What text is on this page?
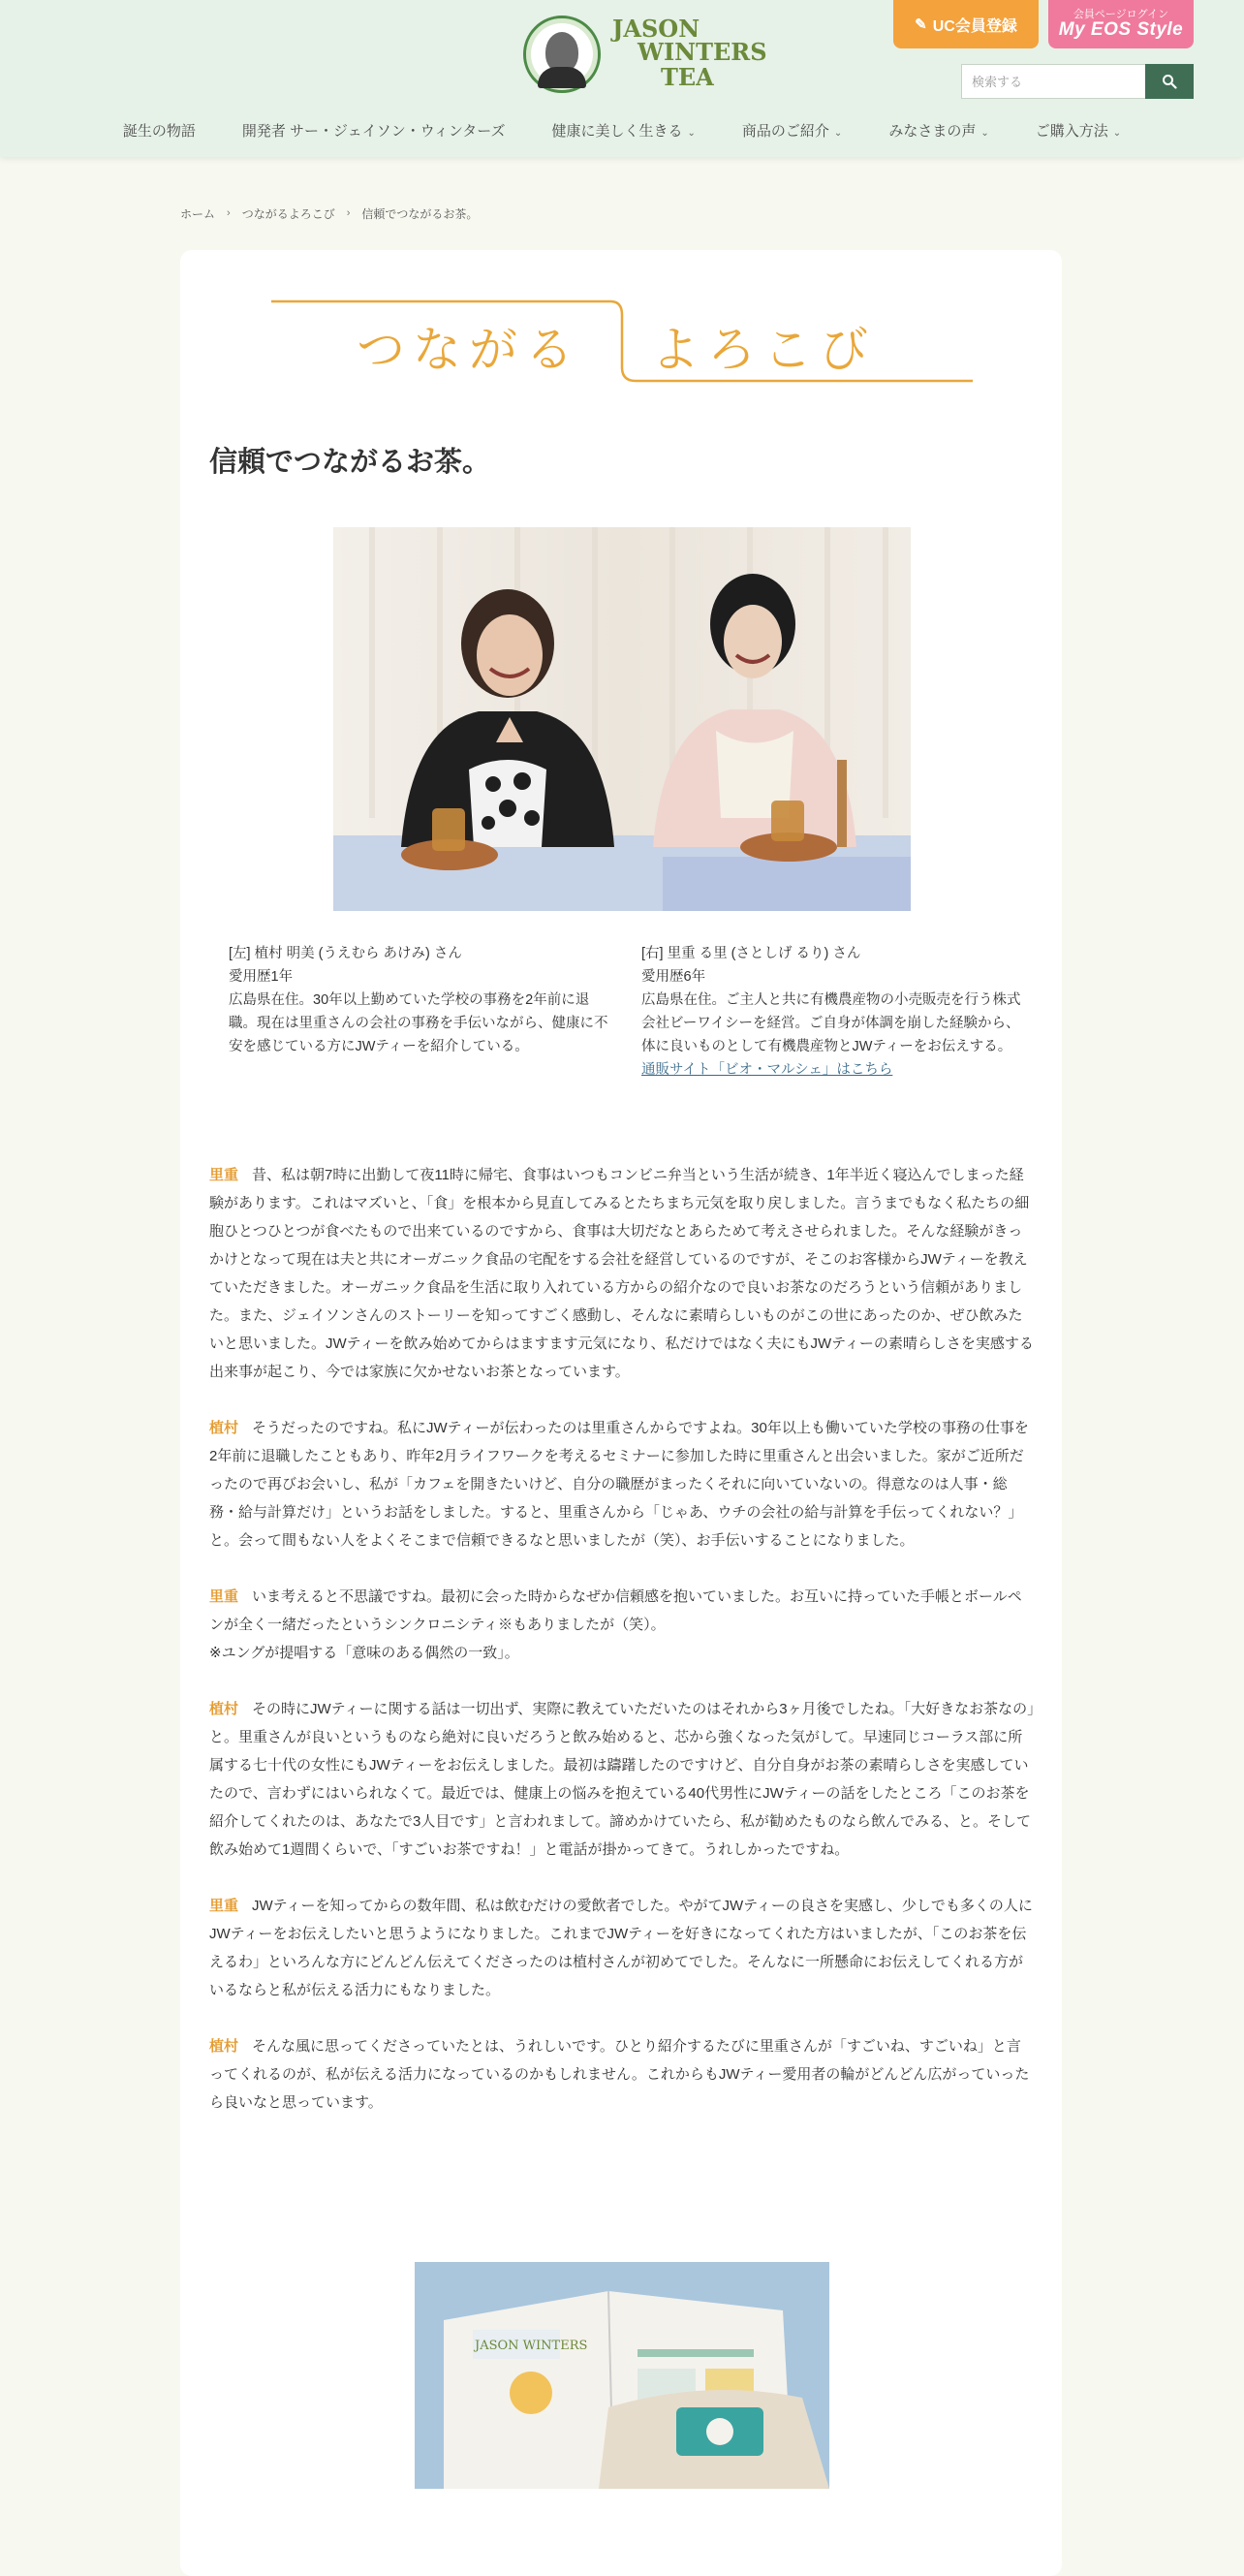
JASON
WINTERS
TEA
✎ UC会員登録
会員ページログイン
My EOS Style
検索する
誕生の物語	開発者 サー・ジェイソン・ウィンターズ	健康に美しく生きる ⌄	商品のご紹介 ⌄	みなさまの声 ⌄	ご購入方法 ⌄
ホーム › つながるよろこび › 信頼でつながるお茶。
つながる よろこび
信頼でつながるお茶。

[左] 植村 明美 (うえむら あけみ) さん

愛用歴1年

広島県在住。30年以上勤めていた学校の事務を2年前に退職。現在は里重さんの会社の事務を手伝いながら、健康に不安を感じている方にJWティーを紹介している。

[右] 里重 る里 (さとしげ るり) さん

愛用歴6年

広島県在住。ご主人と共に有機農産物の小売販売を行う株式会社ビーワイシーを経営。ご自身が体調を崩した経験から、体に良いものとして有機農産物とJWティーをお伝えする。

通販サイト「ビオ・マルシェ」はこちら

里重 昔、私は朝7時に出勤して夜11時に帰宅、食事はいつもコンビニ弁当という生活が続き、1年半近く寝込んでしまった経験があります。これはマズいと、「食」を根本から見直してみるとたちまち元気を取り戻しました。言うまでもなく私たちの細胞ひとつひとつが食べたもので出来ているのですから、食事は大切だなとあらためて考えさせられました。そんな経験がきっかけとなって現在は夫と共にオーガニック食品の宅配をする会社を経営しているのですが、そこのお客様からJWティーを教えていただきました。オーガニック食品を生活に取り入れている方からの紹介なので良いお茶なのだろうという信頼がありました。また、ジェイソンさんのストーリーを知ってすごく感動し、そんなに素晴らしいものがこの世にあったのか、ぜひ飲みたいと思いました。JWティーを飲み始めてからはますます元気になり、私だけではなく夫にもJWティーの素晴らしさを実感する出来事が起こり、今では家族に欠かせないお茶となっています。

植村 そうだったのですね。私にJWティーが伝わったのは里重さんからですよね。30年以上も働いていた学校の事務の仕事を2年前に退職したこともあり、昨年2月ライフワークを考えるセミナーに参加した時に里重さんと出会いました。家がご近所だったので再びお会いし、私が「カフェを開きたいけど、自分の職歴がまったくそれに向いていないの。得意なのは人事・総務・給与計算だけ」というお話をしました。すると、里重さんから「じゃあ、ウチの会社の給与計算を手伝ってくれない？」と。会って間もない人をよくそこまで信頼できるなと思いましたが（笑）、お手伝いすることになりました。

里重 いま考えると不思議ですね。最初に会った時からなぜか信頼感を抱いていました。お互いに持っていた手帳とボールペンが全く一緒だったというシンクロニシティ※もありましたが（笑）。
※ユングが提唱する「意味のある偶然の一致」。

植村 その時にJWティーに関する話は一切出ず、実際に教えていただいたのはそれから3ヶ月後でしたね。「大好きなお茶なの」と。里重さんが良いというものなら絶対に良いだろうと飲み始めると、芯から強くなった気がして。早速同じコーラス部に所属する七十代の女性にもJWティーをお伝えしました。最初は躊躇したのですけど、自分自身がお茶の素晴らしさを実感していたので、言わずにはいられなくて。最近では、健康上の悩みを抱えている40代男性にJWティーの話をしたところ「このお茶を紹介してくれたのは、あなたで3人目です」と言われまして。諦めかけていたら、私が勧めたものなら飲んでみる、と。そして飲み始めて1週間くらいで、「すごいお茶ですね！」と電話が掛かってきて。うれしかったですね。

里重 JWティーを知ってからの数年間、私は飲むだけの愛飲者でした。やがてJWティーの良さを実感し、少しでも多くの人にJWティーをお伝えしたいと思うようになりました。これまでJWティーを好きになってくれた方はいましたが、「このお茶を伝えるわ」といろんな方にどんどん伝えてくださったのは植村さんが初めてでした。そんなに一所懸命にお伝えしてくれる方がいるならと私が伝える活力にもなりました。

植村 そんな風に思ってくださっていたとは、うれしいです。ひとり紹介するたびに里重さんが「すごいね、すごいね」と言ってくれるのが、私が伝える活力になっているのかもしれません。これからもJWティー愛用者の輪がどんどん広がっていったら良いなと思っています。

JASON WINTERS
